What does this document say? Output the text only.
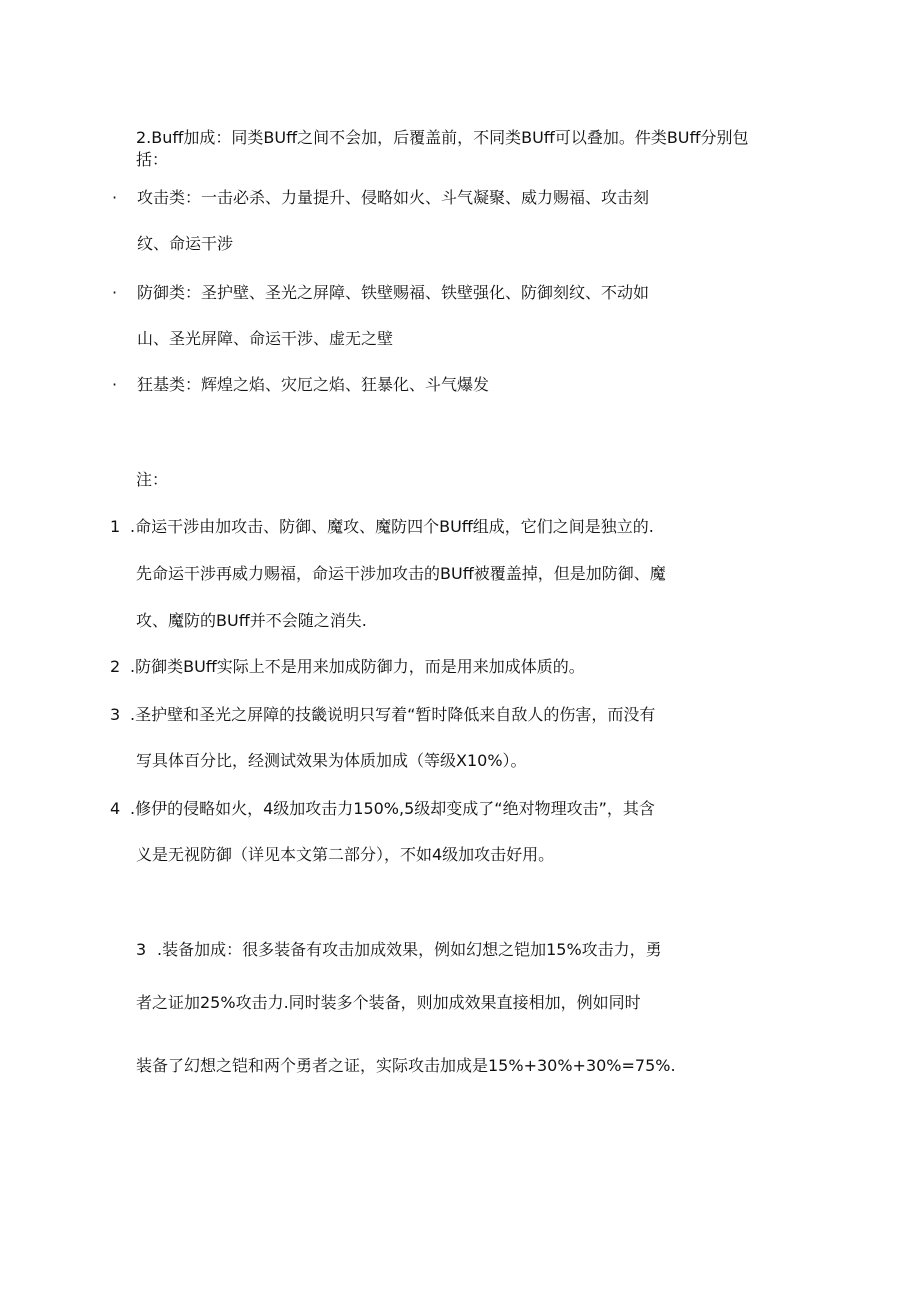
2.Buff加成：同类BUff之间不会加，后覆盖前，不同类BUff可以叠加。件类BUff分别包
括：
· 攻击类：一击必杀、力量提升、侵略如火、斗气凝聚、威力赐福、攻击刻
纹、命运干涉
· 防御类：圣护壁、圣光之屏障、铁壁赐福、铁壁强化、防御刻纹、不动如
山、圣光屏障、命运干涉、虚无之壁
· 狂基类：辉煌之焰、灾厄之焰、狂暴化、斗气爆发
注：
1 .命运干涉由加攻击、防御、魔攻、魔防四个BUff组成，它们之间是独立的.
先命运干涉再威力赐福，命运干涉加攻击的BUff被覆盖掉，但是加防御、魔
攻、魔防的BUff并不会随之消失.
2 .防御类BUff实际上不是用来加成防御力，而是用来加成体质的。
3 .圣护壁和圣光之屏障的技畿说明只写着“暂时降低来自敌人的伤害，而没有
写具体百分比，经测试效果为体质加成（等级X10%）。
4 .修伊的侵略如火，4级加攻击力150%,5级却变成了“绝对物理攻击”，其含
义是无视防御（详见本文第二部分），不如4级加攻击好用。
3 .装备加成：很多装备有攻击加成效果，例如幻想之铠加15%攻击力，勇
者之证加25%攻击力.同时装多个装备，则加成效果直接相加，例如同时
装备了幻想之铠和两个勇者之证，实际攻击加成是15%+30%+30%=75%.
